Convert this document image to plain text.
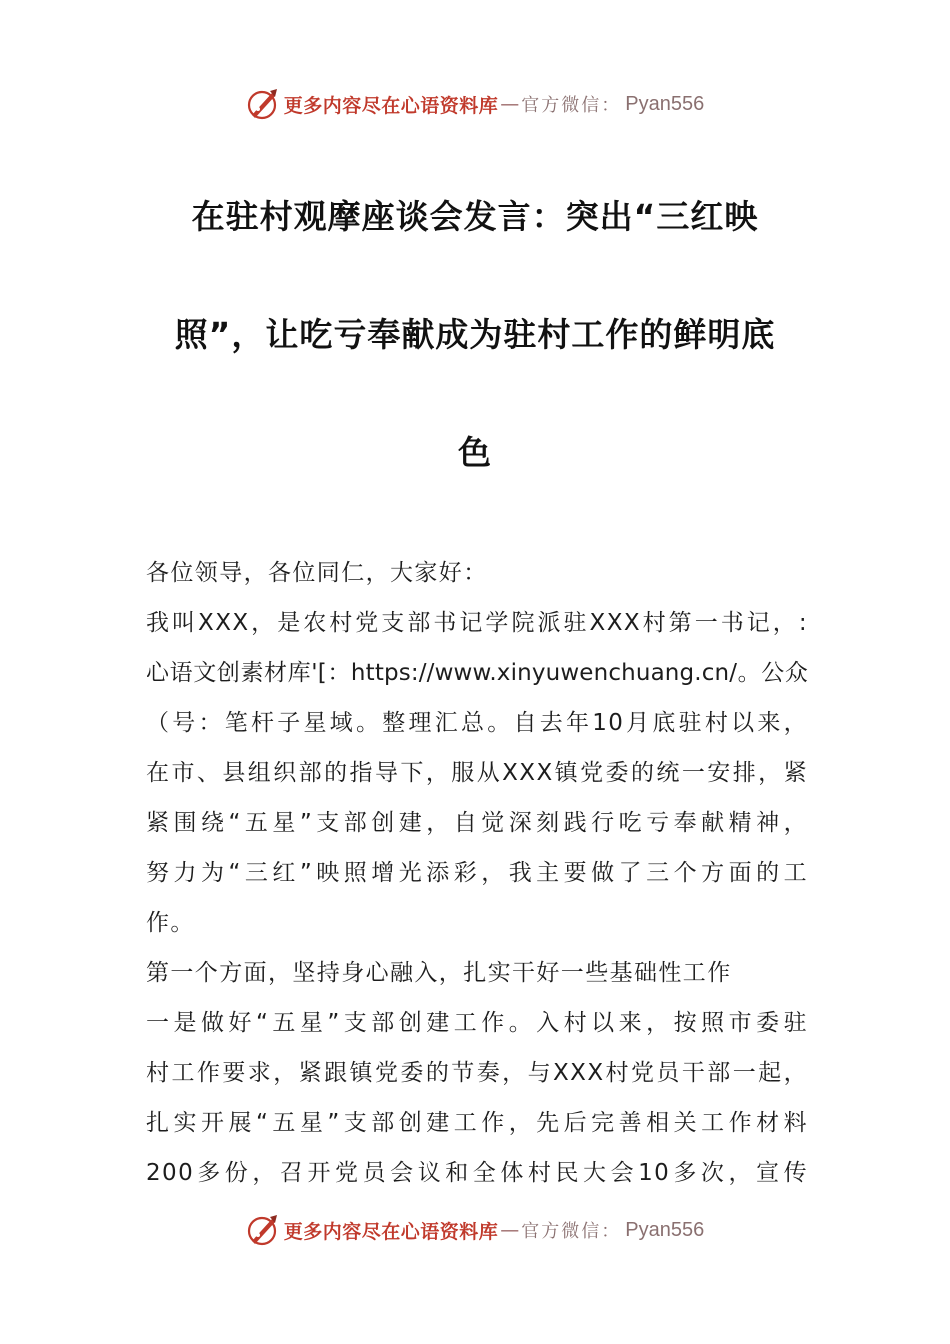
更多内容尽在心语资料库 — 官方微信： Pyan556
在驻村观摩座谈会发言：突出“三红映
照”，让吃亏奉献成为驻村工作的鲜明底
色

各位领导，各位同仁，大家好：

我叫XXX，是农村党支部书记学院派驻XXX村第一书记，:
心语文创素材库'[：https://www.xinyuwenchuang.cn/。公众
（号：笔杆子星域。整理汇总。自去年10月底驻村以来，
在市、县组织部的指导下，服从XXX镇党委的统一安排，紧
紧围绕“五星”支部创建，自觉深刻践行吃亏奉献精神，
努力为“三红”映照增光添彩，我主要做了三个方面的工
作。

第一个方面，坚持身心融入，扎实干好一些基础性工作

一是做好“五星”支部创建工作。入村以来，按照市委驻
村工作要求，紧跟镇党委的节奏，与XXX村党员干部一起，
扎实开展“五星”支部创建工作，先后完善相关工作材料
200多份，召开党员会议和全体村民大会10多次，宣传

更多内容尽在心语资料库 — 官方微信： Pyan556
